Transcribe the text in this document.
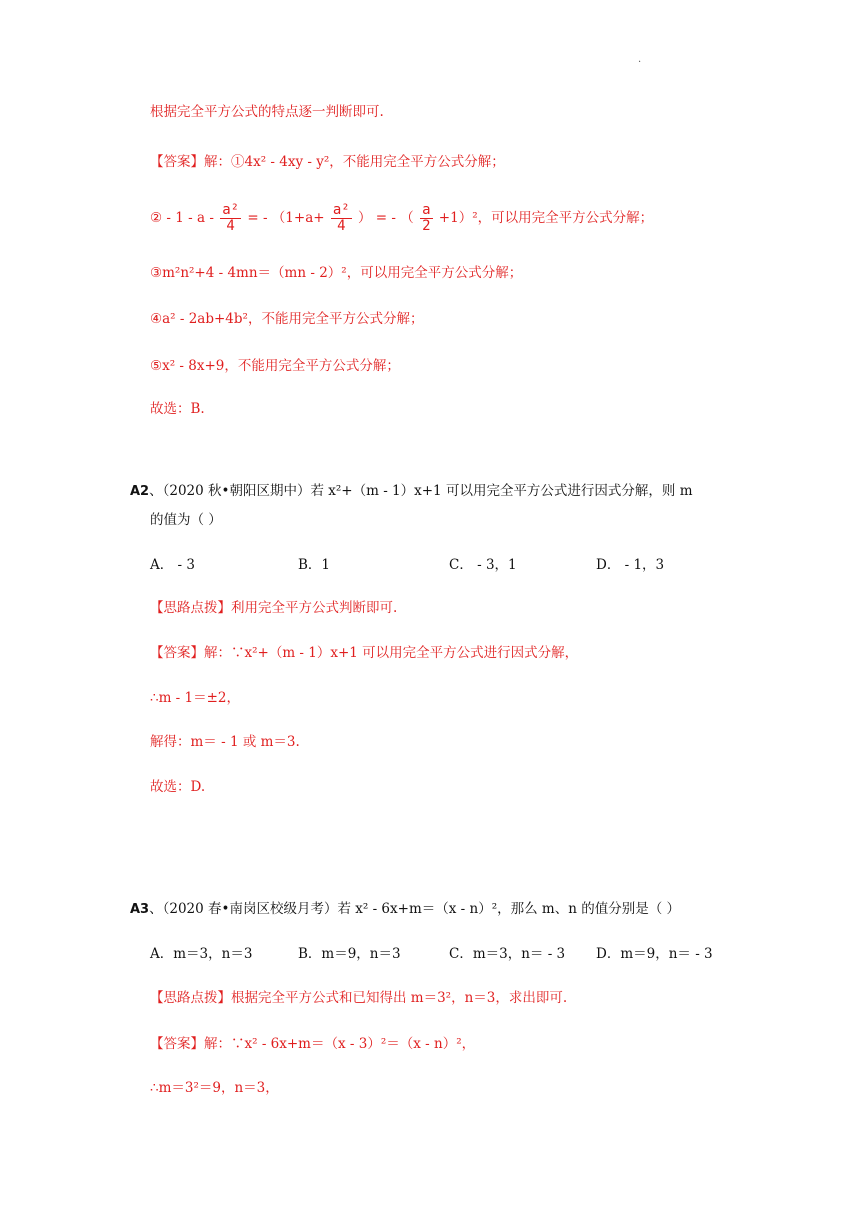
.
根据完全平方公式的特点逐一判断即可.
【答案】解：①4x² - 4xy - y²，不能用完全平方公式分解；
② - 1 - a - $\frac{\text{a²}}{4}$ = - （$1+a+ \frac{\text{a²}}{4}$ ） = - （ $\frac{a}{2} +1)^2$，可以用完全平方公式分解；
③m²n²+4 - 4mn＝（mn - 2）²，可以用完全平方公式分解；
④a² - 2ab+4b²，不能用完全平方公式分解；
⑤x² - 8x+9，不能用完全平方公式分解；
故选：B.
A2、（2020 秋•朝阳区期中）若 x²+（m - 1）x+1 可以用完全平方公式进行因式分解，则 m
的值为（ ）
A． - 3	B．1	C． - 3，1	D． - 1，3
【思路点拨】利用完全平方公式判断即可.
【答案】解：∵x²+（m - 1）x+1 可以用完全平方公式进行因式分解，
∴m - 1＝±2，
解得：m＝ - 1 或 m＝3.
故选：D.
A3、（2020 春•南岗区校级月考）若 x² - 6x+m＝（x - n）²，那么 m、n 的值分别是（ ）
A．m＝3，n＝3	B．m＝9，n＝3	C．m＝3，n＝ - 3 D．m＝9，n＝ - 3
【思路点拨】根据完全平方公式和已知得出 m＝3²，n＝3，求出即可.
【答案】解：∵x² - 6x+m＝（x - 3）²＝（x - n）²，
∴m＝3²＝9，n＝3，
